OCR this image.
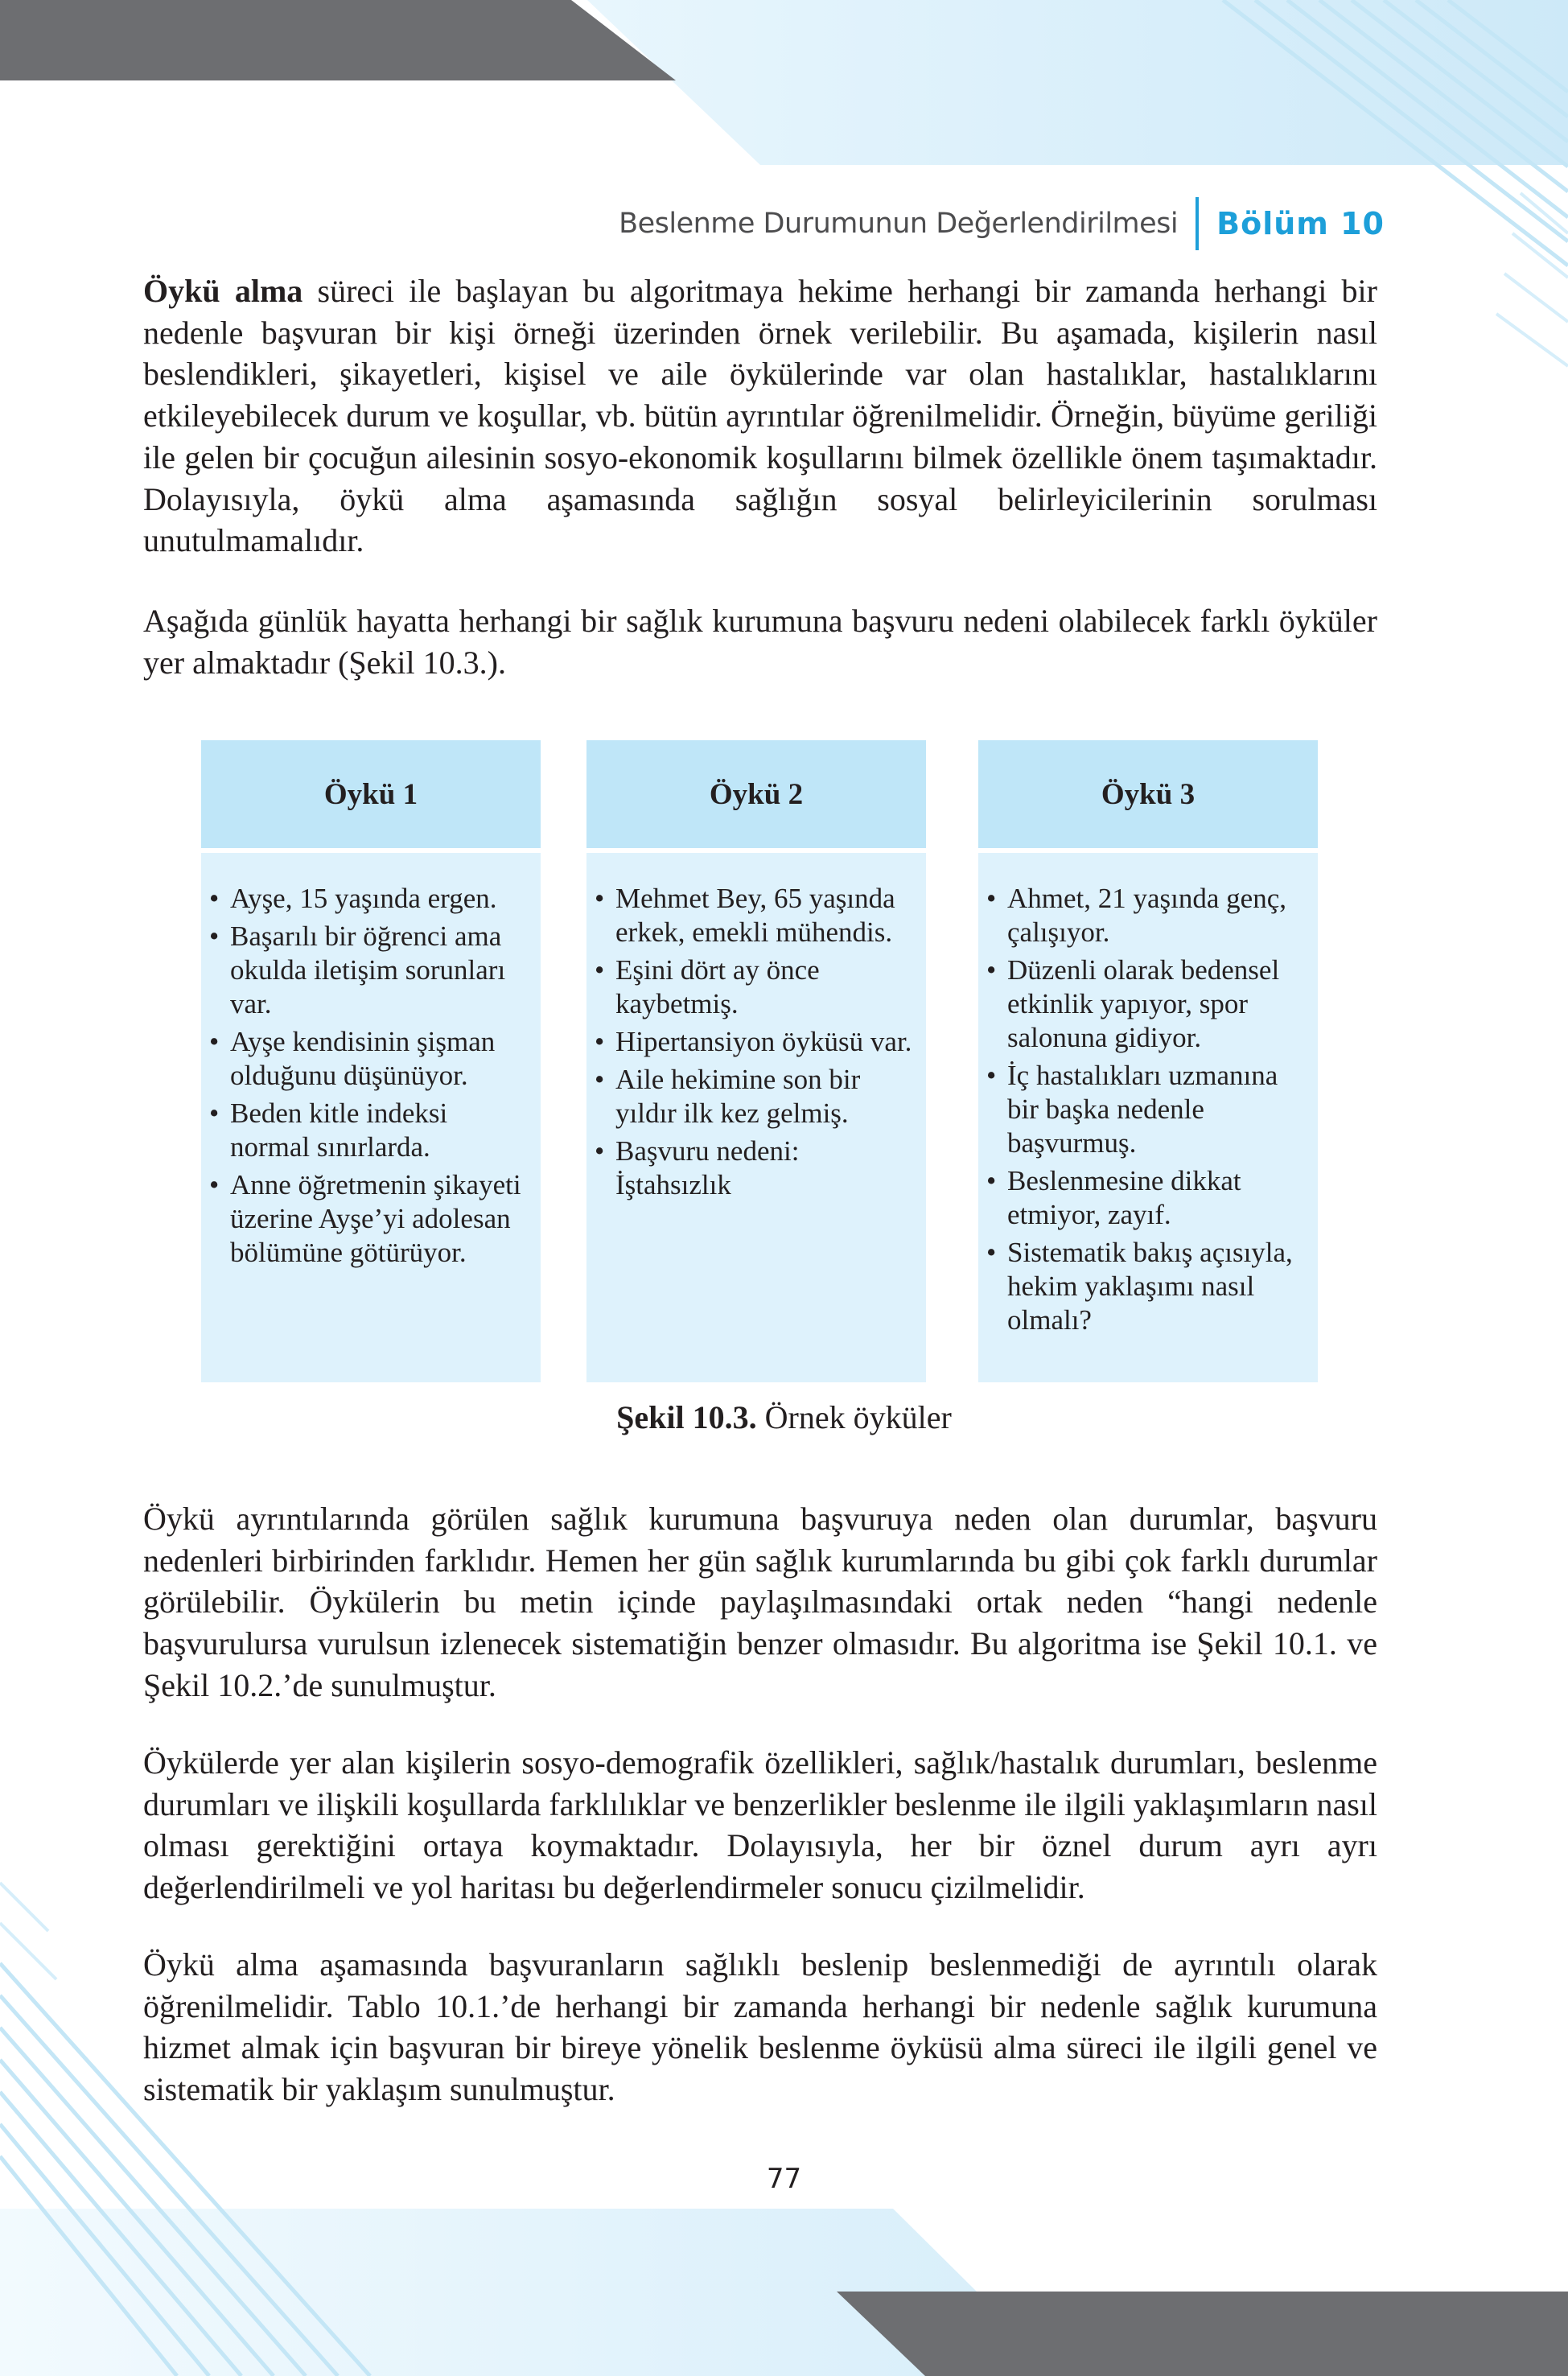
Beslenme Durumunun Değerlendirilmesi Bölüm 10

Öykü alma süreci ile başlayan bu algoritmaya hekime herhangi bir zamanda herhangi bir nedenle başvuran bir kişi örneği üzerinden örnek verilebilir. Bu aşamada, kişilerin nasıl beslendikleri, şikayetleri, kişisel ve aile öykülerinde var olan hastalıklar, hastalıklarını etkileyebilecek durum ve koşullar, vb. bütün ayrıntılar öğrenilmelidir. Örneğin, büyüme geriliği ile gelen bir çocuğun ailesinin sosyo-ekonomik koşullarını bilmek özellikle önem taşımaktadır. Dolayısıyla, öykü alma aşamasında sağlığın sosyal belirleyicilerinin sorulması unutulmamalıdır.

Aşağıda günlük hayatta herhangi bir sağlık kurumuna başvuru nedeni olabilecek farklı öyküler yer almaktadır (Şekil 10.3.).

Öykü 1
• Ayşe, 15 yaşında ergen.
• Başarılı bir öğrenci ama okulda iletişim sorunları var.
• Ayşe kendisinin şişman olduğunu düşünüyor.
• Beden kitle indeksi normal sınırlarda.
• Anne öğretmenin şikayeti üzerine Ayşe’yi adolesan bölümüne götürüyor.
Öykü 2
• Mehmet Bey, 65 yaşında erkek, emekli mühendis.
• Eşini dört ay önce kaybetmiş.
• Hipertansiyon öyküsü var.
• Aile hekimine son bir yıldır ilk kez gelmiş.
• Başvuru nedeni: İştahsızlık
Öykü 3
• Ahmet, 21 yaşında genç, çalışıyor.
• Düzenli olarak bedensel etkinlik yapıyor, spor salonuna gidiyor.
• İç hastalıkları uzmanına bir başka nedenle başvurmuş.
• Beslenmesine dikkat etmiyor, zayıf.
• Sistematik bakış açısıyla, hekim yaklaşımı nasıl olmalı?
Şekil 10.3. Örnek öyküler

Öykü ayrıntılarında görülen sağlık kurumuna başvuruya neden olan durumlar, başvuru nedenleri birbirinden farklıdır. Hemen her gün sağlık kurumlarında bu gibi çok farklı durumlar görülebilir. Öykülerin bu metin içinde paylaşılmasındaki ortak neden “hangi nedenle başvurulursa vurulsun izlenecek sistematiğin benzer olmasıdır. Bu algoritma ise Şekil 10.1. ve Şekil 10.2.’de sunulmuştur.

Öykülerde yer alan kişilerin sosyo-demografik özellikleri, sağlık/hastalık durumları, beslenme durumları ve ilişkili koşullarda farklılıklar ve benzerlikler beslenme ile ilgili yaklaşımların nasıl olması gerektiğini ortaya koymaktadır. Dolayısıyla, her bir öznel durum ayrı ayrı değerlendirilmeli ve yol haritası bu değerlendirmeler sonucu çizilmelidir.

Öykü alma aşamasında başvuranların sağlıklı beslenip beslenmediği de ayrıntılı olarak öğrenilmelidir. Tablo 10.1.’de herhangi bir zamanda herhangi bir nedenle sağlık kurumuna hizmet almak için başvuran bir bireye yönelik beslenme öyküsü alma süreci ile ilgili genel ve sistematik bir yaklaşım sunulmuştur.

77
